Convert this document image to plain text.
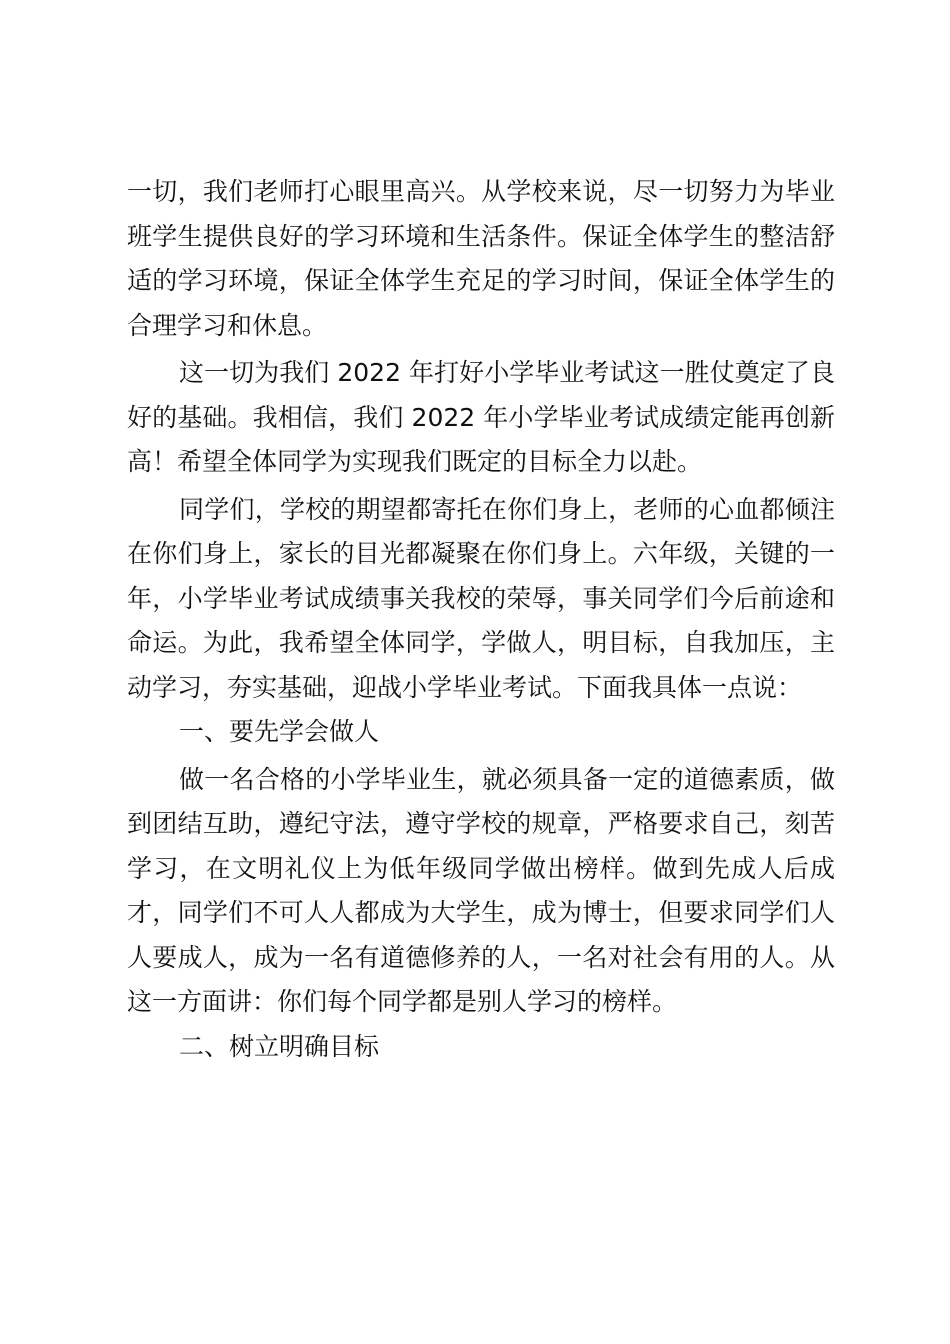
一切，我们老师打心眼里高兴。从学校来说，尽一切努力为毕业班学生提供良好的学习环境和生活条件。保证全体学生的整洁舒适的学习环境，保证全体学生充足的学习时间，保证全体学生的合理学习和休息。

这一切为我们 2022 年打好小学毕业考试这一胜仗奠定了良好的基础。我相信，我们 2022 年小学毕业考试成绩定能再创新高！希望全体同学为实现我们既定的目标全力以赴。

同学们，学校的期望都寄托在你们身上，老师的心血都倾注在你们身上，家长的目光都凝聚在你们身上。六年级，关键的一年，小学毕业考试成绩事关我校的荣辱，事关同学们今后前途和命运。为此，我希望全体同学，学做人，明目标，自我加压，主动学习，夯实基础，迎战小学毕业考试。下面我具体一点说：

一、要先学会做人

做一名合格的小学毕业生，就必须具备一定的道德素质，做到团结互助，遵纪守法，遵守学校的规章，严格要求自己，刻苦学习，在文明礼仪上为低年级同学做出榜样。做到先成人后成才，同学们不可人人都成为大学生，成为博士，但要求同学们人人要成人，成为一名有道德修养的人，一名对社会有用的人。从这一方面讲：你们每个同学都是别人学习的榜样。

二、树立明确目标
